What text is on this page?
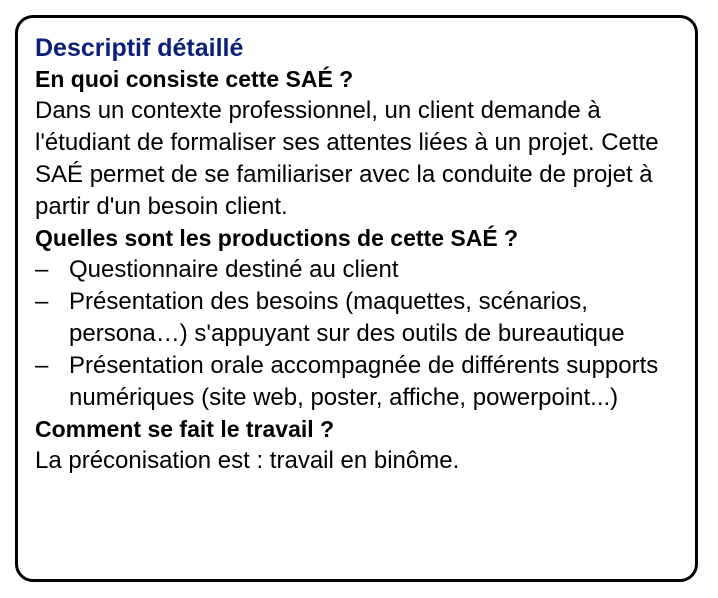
Descriptif détaillé
En quoi consiste cette SAÉ ?
Dans un contexte professionnel, un client demande à l'étudiant de formaliser ses attentes liées à un projet. Cette SAÉ permet de se familiariser avec la conduite de projet à partir d'un besoin client.
Quelles sont les productions de cette SAÉ ?
– Questionnaire destiné au client
– Présentation des besoins (maquettes, scénarios, persona…) s'appuyant sur des outils de bureautique
– Présentation orale accompagnée de différents supports numériques (site web, poster, affiche, powerpoint...)
Comment se fait le travail ?
La préconisation est : travail en binôme.
